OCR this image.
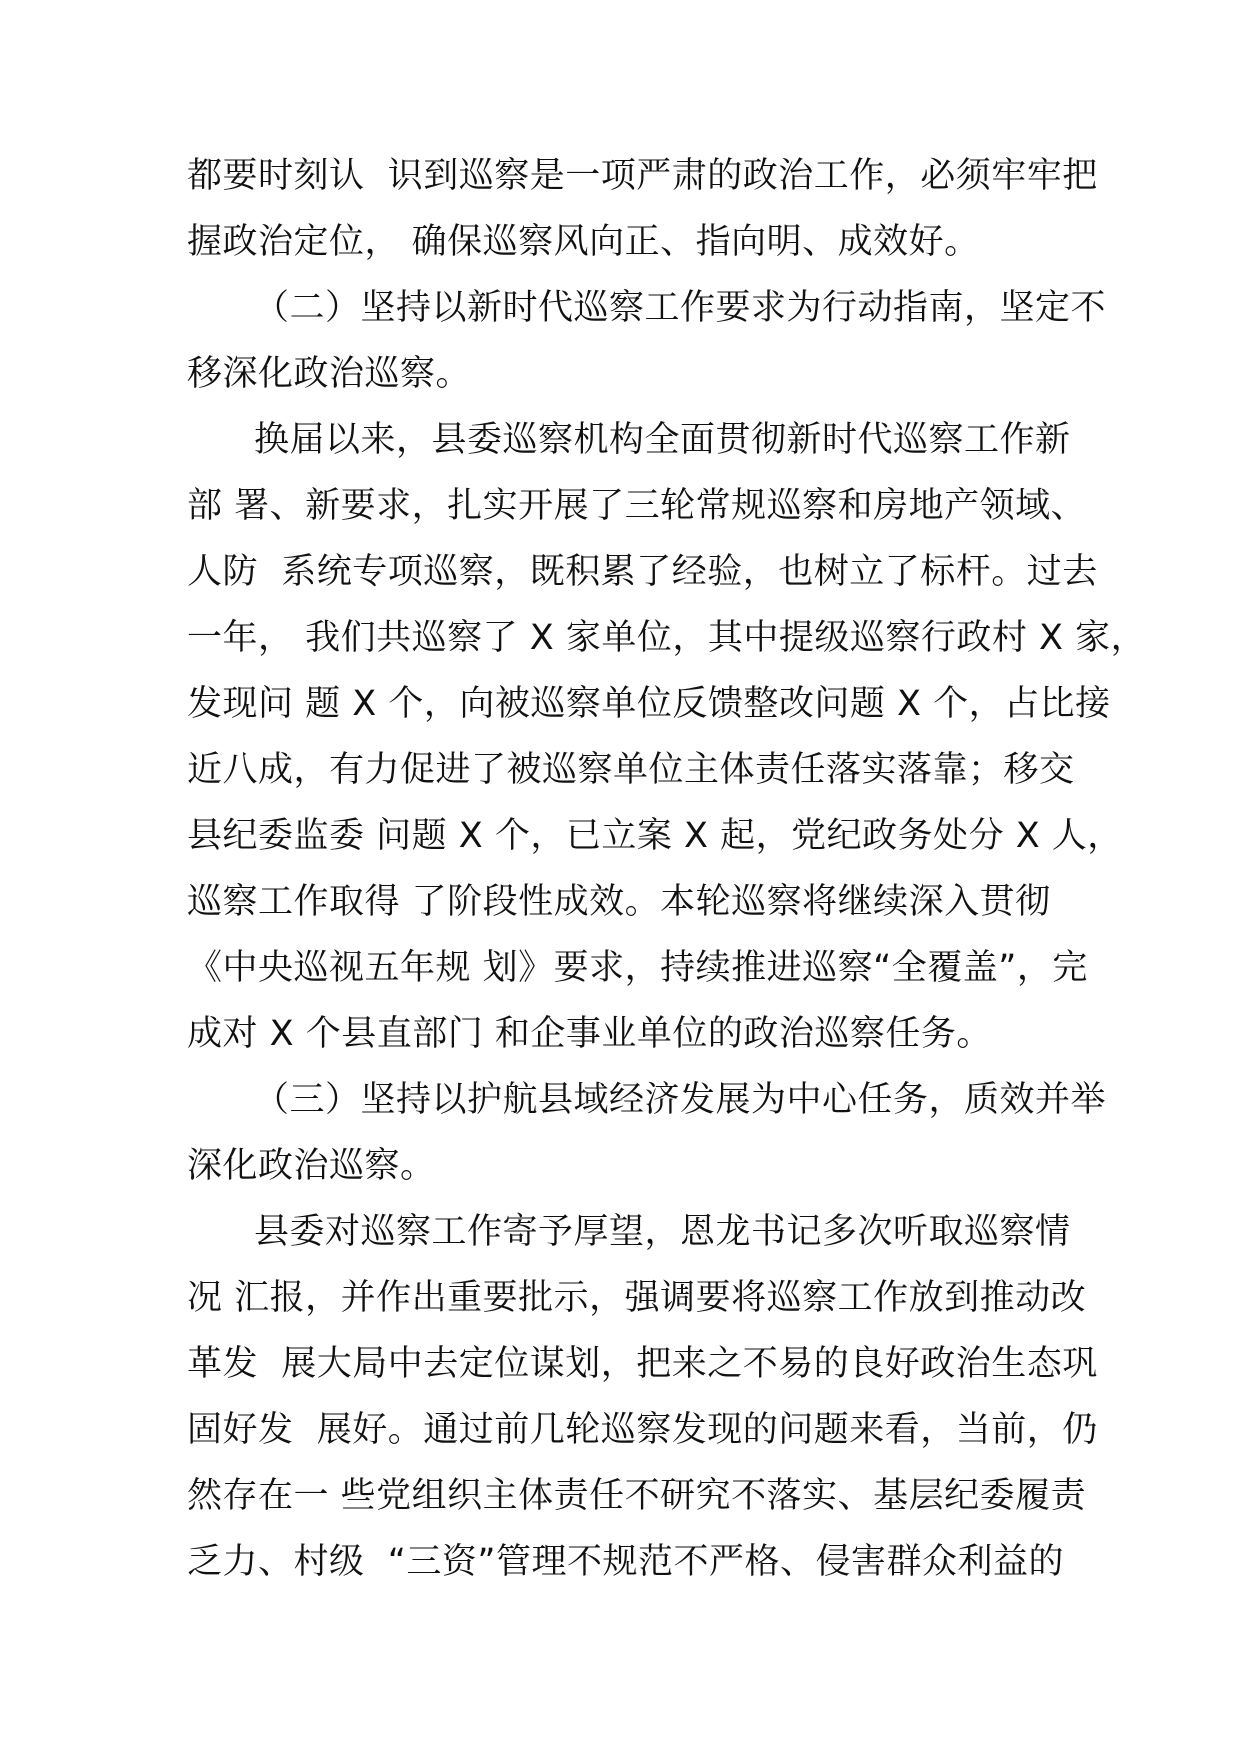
都要时刻认  识到巡察是一项严肃的政治工作，必须牢牢把
握政治定位， 确保巡察风向正、指向明、成效好。
（二）坚持以新时代巡察工作要求为行动指南，坚定不
移深化政治巡察。
换届以来，县委巡察机构全面贯彻新时代巡察工作新
部 署、新要求，扎实开展了三轮常规巡察和房地产领域、
人防  系统专项巡察，既积累了经验，也树立了标杆。过去
一年， 我们共巡察了 X 家单位，其中提级巡察行政村 X 家，
发现问 题 X 个，向被巡察单位反馈整改问题 X 个，占比接
近八成，有力促进了被巡察单位主体责任落实落靠；移交
县纪委监委 问题 X 个，已立案 X 起，党纪政务处分 X 人，
巡察工作取得 了阶段性成效。本轮巡察将继续深入贯彻
《中央巡视五年规 划》要求，持续推进巡察“全覆盖”，完
成对 X 个县直部门 和企事业单位的政治巡察任务。
（三）坚持以护航县域经济发展为中心任务，质效并举
深化政治巡察。
县委对巡察工作寄予厚望，恩龙书记多次听取巡察情
况 汇报，并作出重要批示，强调要将巡察工作放到推动改
革发  展大局中去定位谋划，把来之不易的良好政治生态巩
固好发  展好。通过前几轮巡察发现的问题来看，当前，仍
然存在一 些党组织主体责任不研究不落实、基层纪委履责
乏力、村级  “三资”管理不规范不严格、侵害群众利益的
